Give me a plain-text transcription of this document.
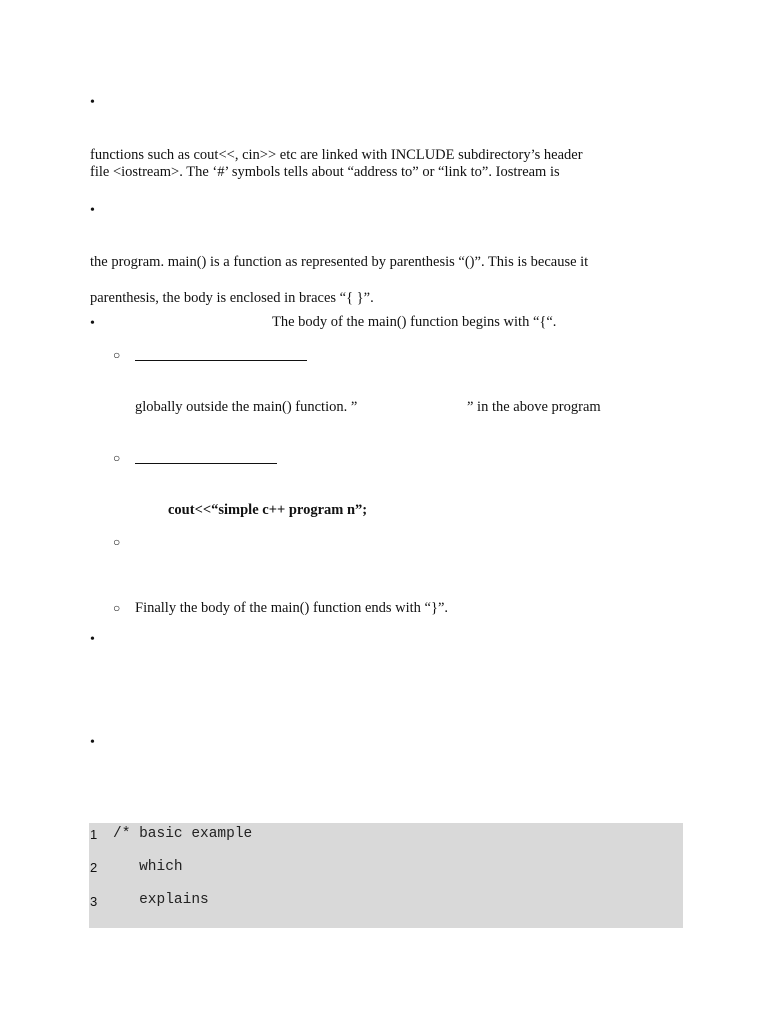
•
functions such as cout<<, cin>> etc are linked with INCLUDE subdirectory’s header
file <iostream>. The ‘#’ symbols tells about “address to” or “link to”. Iostream is
•
the program. main() is a function as represented by parenthesis “()”. This is because it
parenthesis, the body is enclosed in braces “{ }”.
•	The body of the main() function begins with “{“.
○
globally outside the main() function. ”	” in the above program
○
cout<<“simple c++ program n”;
○
○ Finally the body of the main() function ends with “}”.
•
•
1 /* basic example
2 which
3 explains
